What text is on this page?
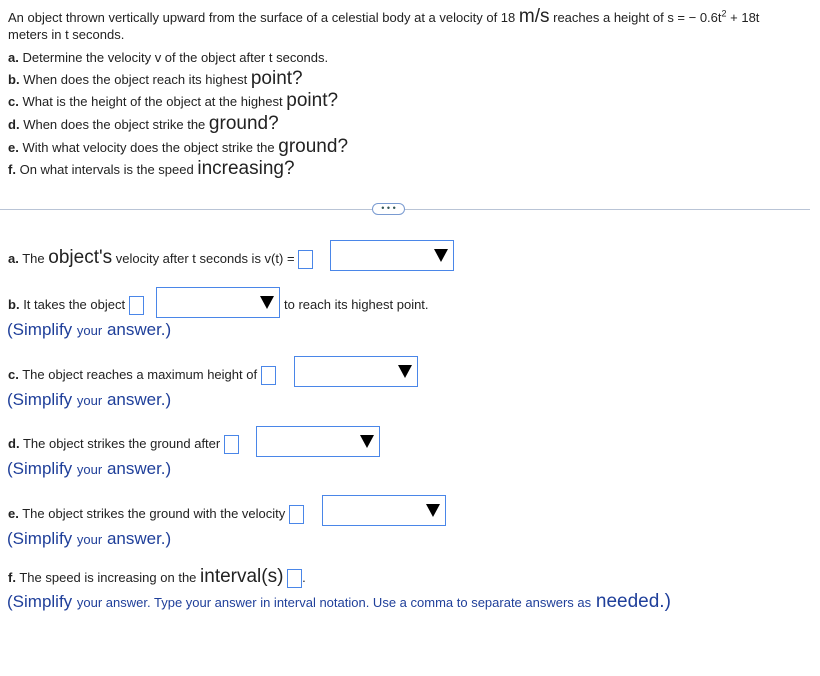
An object thrown vertically upward from the surface of a celestial body at a velocity of 18 m/s reaches a height of s = − $0.6t^2 + 18t$
meters in t seconds.
a. Determine the velocity v of the object after t seconds.
b. When does the object reach its highest point?
c. What is the height of the object at the highest point?
d. When does the object strike the ground?
e. With what velocity does the object strike the ground?
f. On what intervals is the speed increasing?
• • •
a. The object's velocity after t seconds is v(t) =
b. It takes the object	to reach its highest point.
(Simplify your answer.)
c. The object reaches a maximum height of
(Simplify your answer.)
d. The object strikes the ground after
(Simplify your answer.)
e. The object strikes the ground with the velocity
(Simplify your answer.)
f. The speed is increasing on the interval(s) .
(Simplify your answer. Type your answer in interval notation. Use a comma to separate answers as needed.)
